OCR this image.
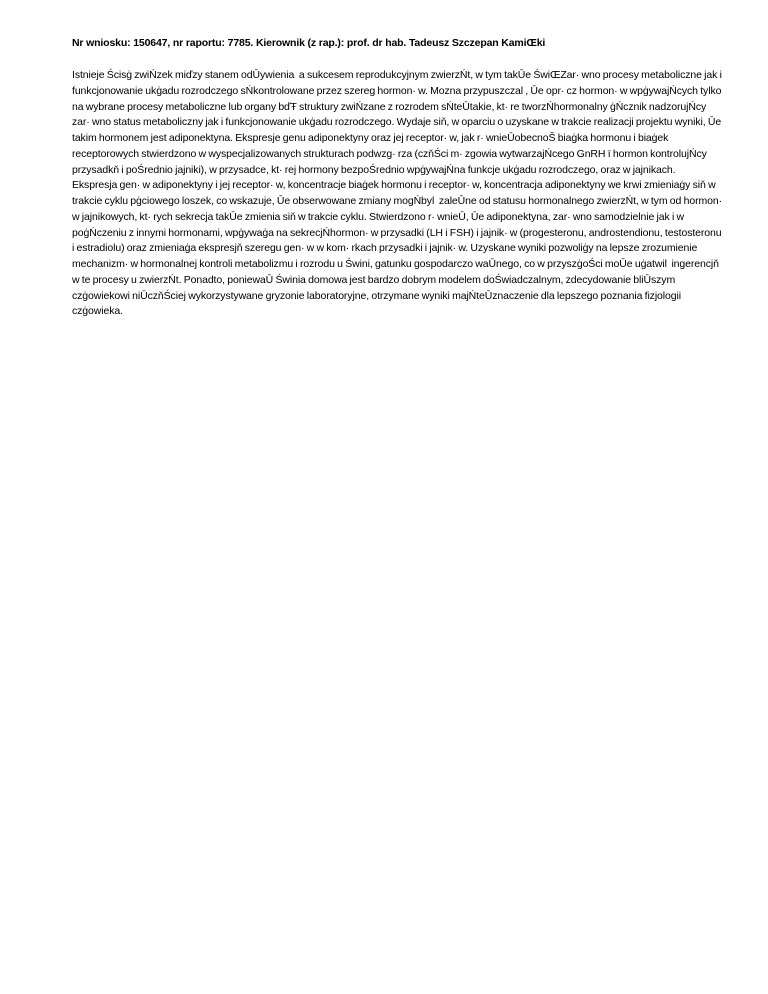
Nr wniosku: 150647, nr raportu: 7785. Kierownik (z rap.): prof. dr hab. Tadeusz Szczepan KamiŒki
Istnieje Ścisġ zwiŃzek miďzy stanem odŪywienia  a sukcesem reprodukcyjnym zwierzŃt, w tym takŪe ŚwiŒZar· wno procesy metaboliczne jak i funkcjonowanie ukġadu rozrodczego sŃkontrolowane przez szereg hormon· w. Mozna przypuszczal , Ūe opr· cz hormon· w wpġywajŃcych tylko na wybrane procesy metaboliczne lub organy bďŦ struktury zwiŃzane z rozrodem sŃteŪtakie, kt· re tworzŃhormonalny ġŃcznik nadzorujŃcy zar· wno status metaboliczny jak i funkcjonowanie ukġadu rozrodczego. Wydaje siň, w oparciu o uzyskane w trakcie realizacji projektu wyniki, Ūe takim hormonem jest adiponektyna. Ekspresje genu adiponektyny oraz jej receptor· w, jak r· wnieŪobecnoŠ biaġka hormonu i biaġek receptorowych stwierdzono w wyspecjalizowanych strukturach podwzg· rza (czňŚci m· zgowia wytwarzajŃcego GnRH ï hormon kontrolujŃcy przysadkň i poŚrednio jajniki), w przysadce, kt· rej hormony bezpoŚrednio wpġywajŃna funkcje ukġadu rozrodczego, oraz w jajnikach. Ekspresja gen· w adiponektyny i jej receptor· w, koncentracje biaġek hormonu i receptor· w, koncentracja adiponektyny we krwi zmieniaġy siň w trakcie cyklu pġciowego loszek, co wskazuje, Ūe obserwowane zmiany mogŃbyl  zaleŪne od statusu hormonalnego zwierzŃt, w tym od hormon· w jajnikowych, kt· rych sekrecja takŪe zmienia siň w trakcie cyklu. Stwierdzono r· wnieŪ, Ūe adiponektyna, zar· wno samodzielnie jak i w poġŃczeniu z innymi hormonami, wpġywaġa na sekrecjŃhormon· w przysadki (LH i FSH) i jajnik· w (progesteronu, androstendionu, testosteronu i estradiolu) oraz zmieniaġa ekspresjň szeregu gen· w w kom· rkach przysadki i jajnik· w. Uzyskane wyniki pozwoliġy na lepsze zrozumienie mechanizm· w hormonalnej kontroli metabolizmu i rozrodu u Świni, gatunku gospodarczo waŪnego, co w przyszġoŚci moŪe uġatwil  ingerencjň w te procesy u zwierzŃt. Ponadto, poniewaŪ Świnia domowa jest bardzo dobrym modelem doŚwiadczalnym, zdecydowanie bliŪszym czġowiekowi niŪczňŚciej wykorzystywane gryzonie laboratoryjne, otrzymane wyniki majŃteŪznaczenie dla lepszego poznania fizjologii czġowieka.
